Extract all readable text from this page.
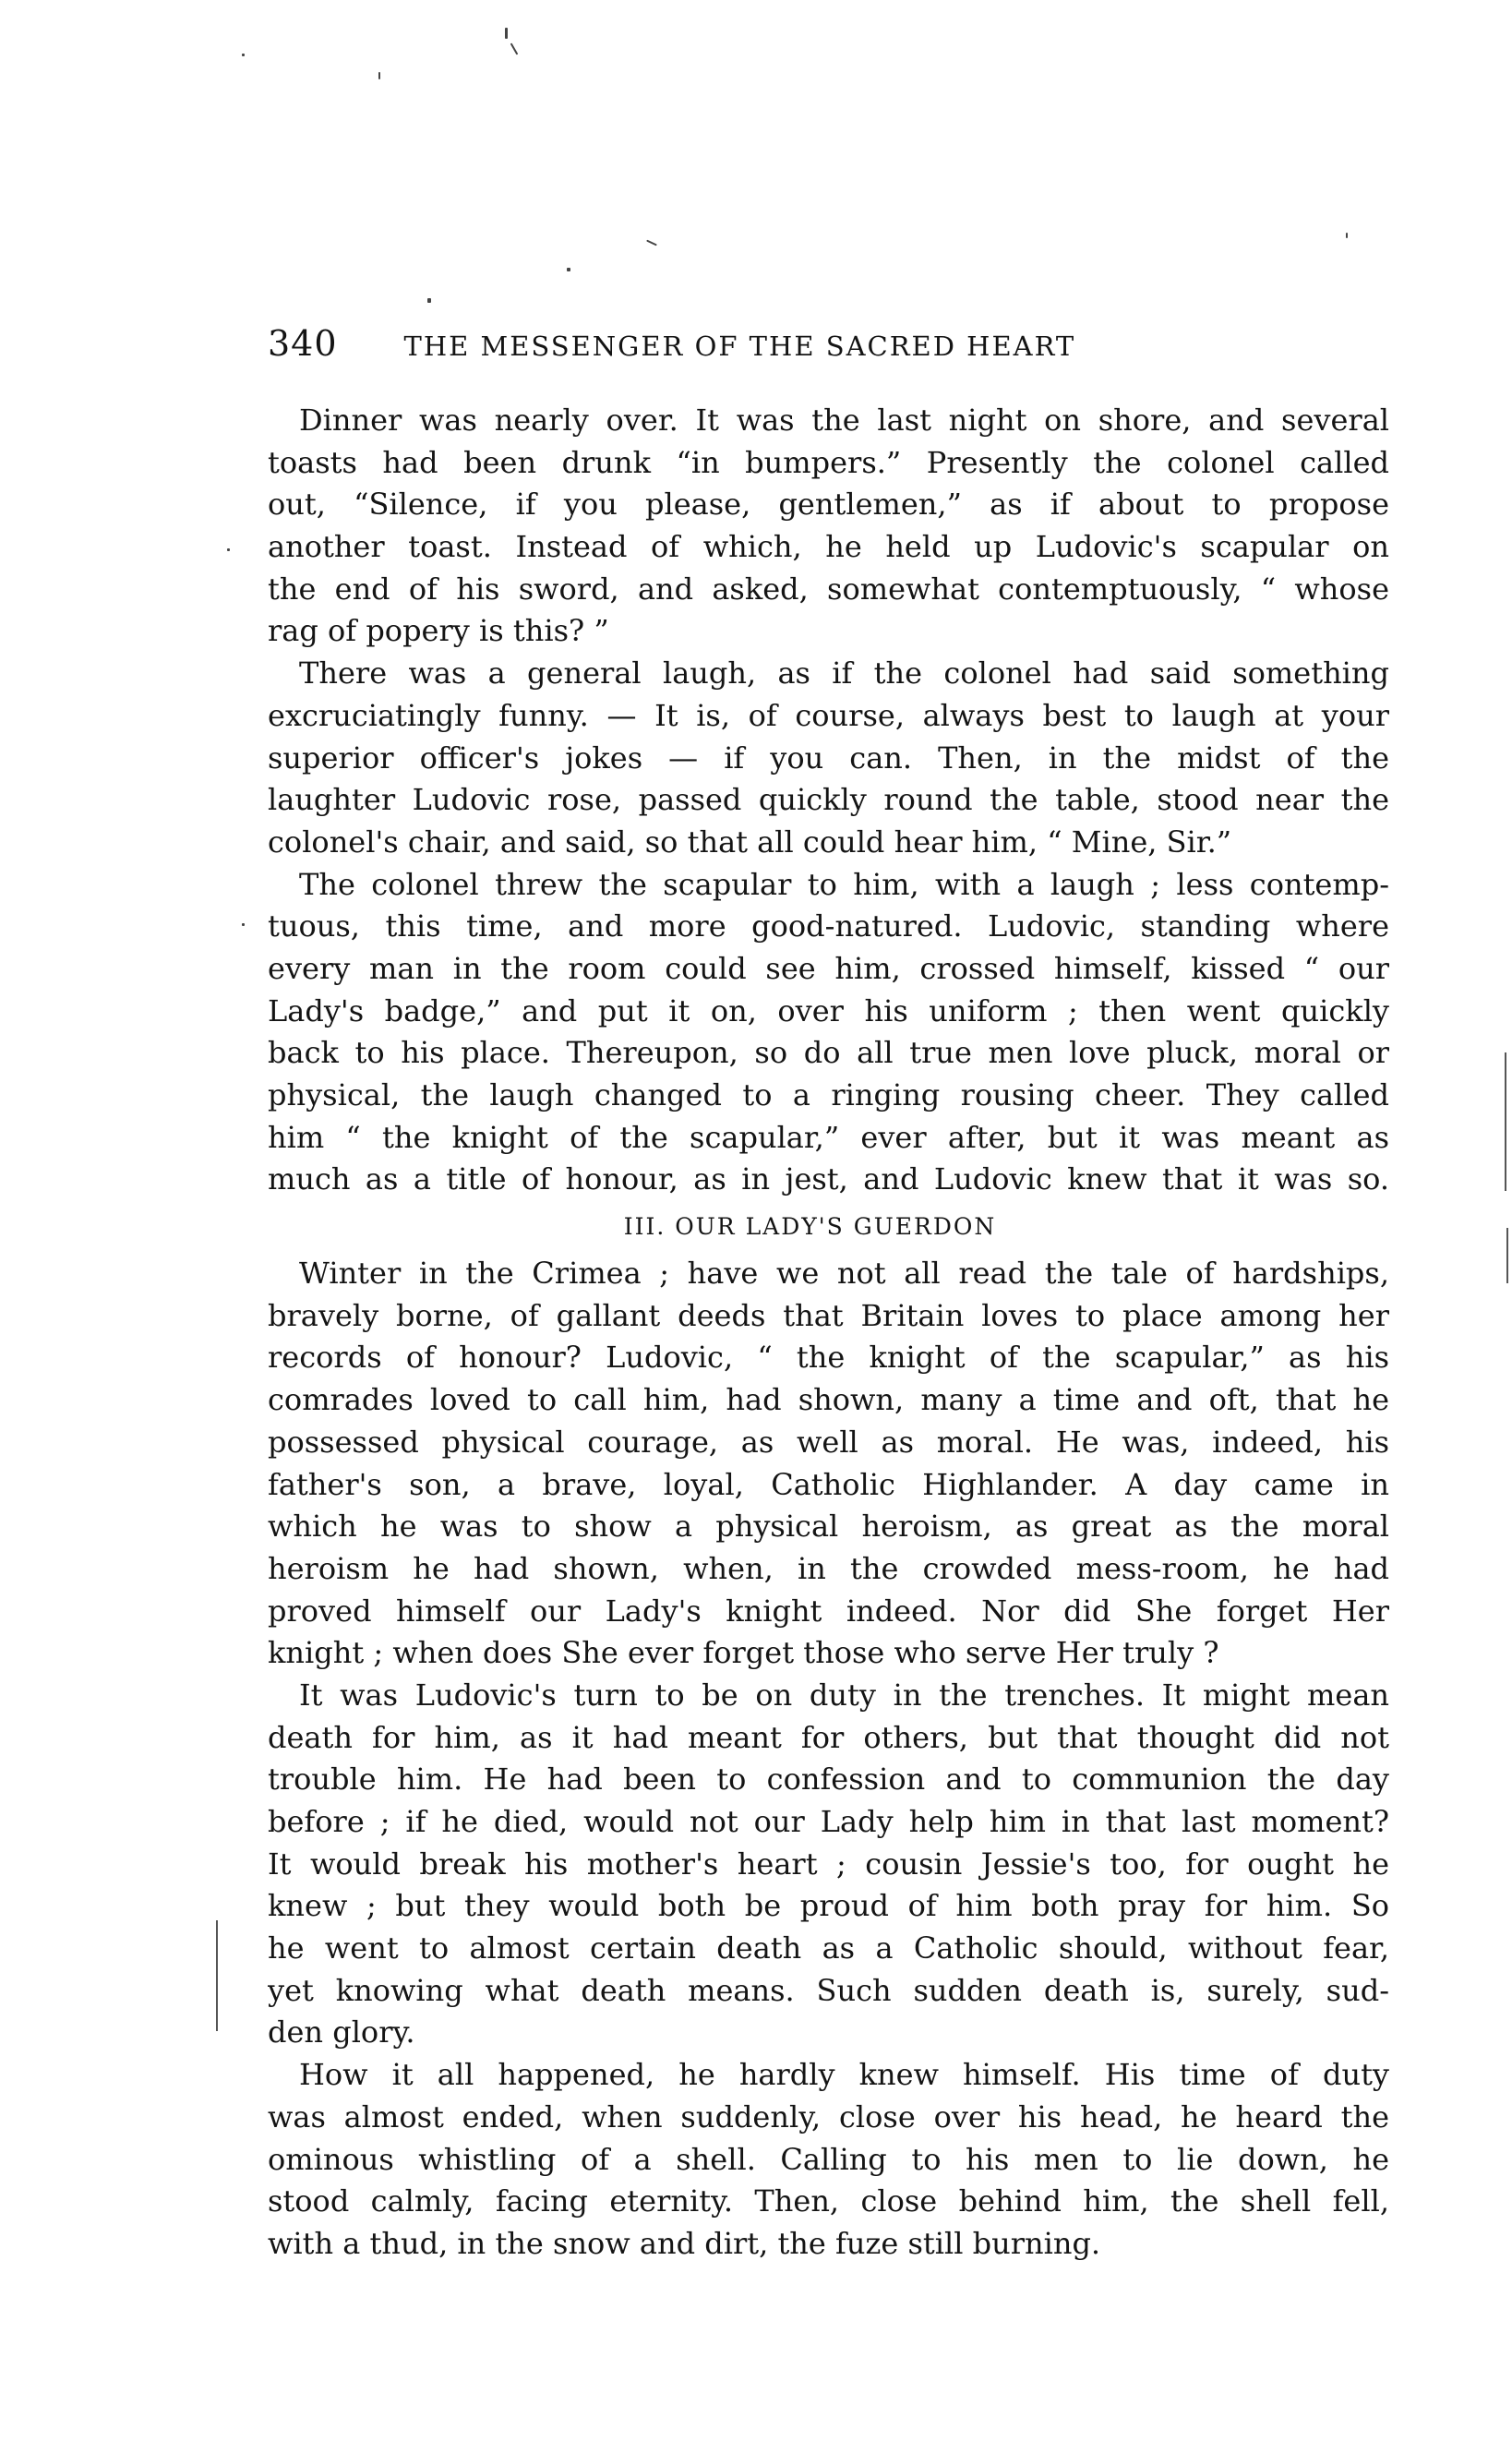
340 THE MESSENGER OF THE SACRED HEART
Dinner was nearly over. It was the last night on shore, and several
toasts had been drunk “in bumpers.” Presently the colonel called
out, “Silence, if you please, gentlemen,” as if about to propose
another toast. Instead of which, he held up Ludovic's scapular on
the end of his sword, and asked, somewhat contemptuously, “ whose
rag of popery is this? ”
There was a general laugh, as if the colonel had said something
excruciatingly funny. — It is, of course, always best to laugh at your
superior officer's jokes — if you can. Then, in the midst of the
laughter Ludovic rose, passed quickly round the table, stood near the
colonel's chair, and said, so that all could hear him, “ Mine, Sir.”
The colonel threw the scapular to him, with a laugh ; less contemp-
tuous, this time, and more good-natured. Ludovic, standing where
every man in the room could see him, crossed himself, kissed “ our
Lady's badge,” and put it on, over his uniform ; then went quickly
back to his place. Thereupon, so do all true men love pluck, moral or
physical, the laugh changed to a ringing rousing cheer. They called
him “ the knight of the scapular,” ever after, but it was meant as
much as a title of honour, as in jest, and Ludovic knew that it was so.
III. OUR LADY'S GUERDON
Winter in the Crimea ; have we not all read the tale of hardships,
bravely borne, of gallant deeds that Britain loves to place among her
records of honour? Ludovic, “ the knight of the scapular,” as his
comrades loved to call him, had shown, many a time and oft, that he
possessed physical courage, as well as moral. He was, indeed, his
father's son, a brave, loyal, Catholic Highlander. A day came in
which he was to show a physical heroism, as great as the moral
heroism he had shown, when, in the crowded mess-room, he had
proved himself our Lady's knight indeed. Nor did She forget Her
knight ; when does She ever forget those who serve Her truly ?
It was Ludovic's turn to be on duty in the trenches. It might mean
death for him, as it had meant for others, but that thought did not
trouble him. He had been to confession and to communion the day
before ; if he died, would not our Lady help him in that last moment?
It would break his mother's heart ; cousin Jessie's too, for ought he
knew ; but they would both be proud of him both pray for him. So
he went to almost certain death as a Catholic should, without fear,
yet knowing what death means. Such sudden death is, surely, sud-
den glory.
How it all happened, he hardly knew himself. His time of duty
was almost ended, when suddenly, close over his head, he heard the
ominous whistling of a shell. Calling to his men to lie down, he
stood calmly, facing eternity. Then, close behind him, the shell fell,
with a thud, in the snow and dirt, the fuze still burning.
